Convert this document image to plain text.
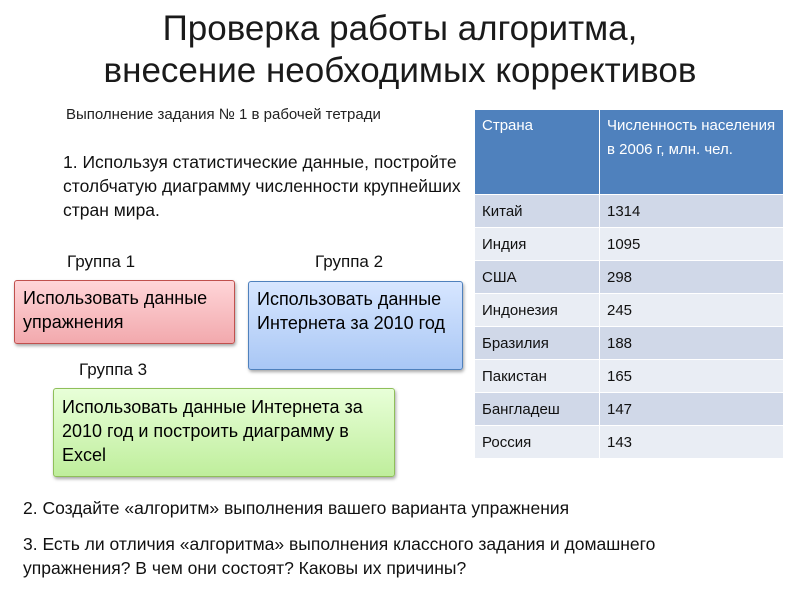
Проверка работы алгоритма,
внесение необходимых коррективов
Выполнение задания № 1 в рабочей тетради
1. Используя статистические данные, постройте столбчатую диаграмму численности крупнейших стран мира.
Группа 1	Группа 2
Группа 3
Использовать данные упражнения
Использовать данные Интернета за 2010 год
Использовать данные Интернета за 2010 год и построить диаграмму в Excel
Страна	Численность населения в 2006 г, млн. чел.
Китай	1314
Индия	1095
США	298
Индонезия	245
Бразилия	188
Пакистан	165
Бангладеш	147
Россия	143
2. Создайте «алгоритм» выполнения вашего варианта упражнения
3. Есть ли отличия «алгоритма» выполнения классного задания и домашнего упражнения? В чем они состоят? Каковы их причины?
